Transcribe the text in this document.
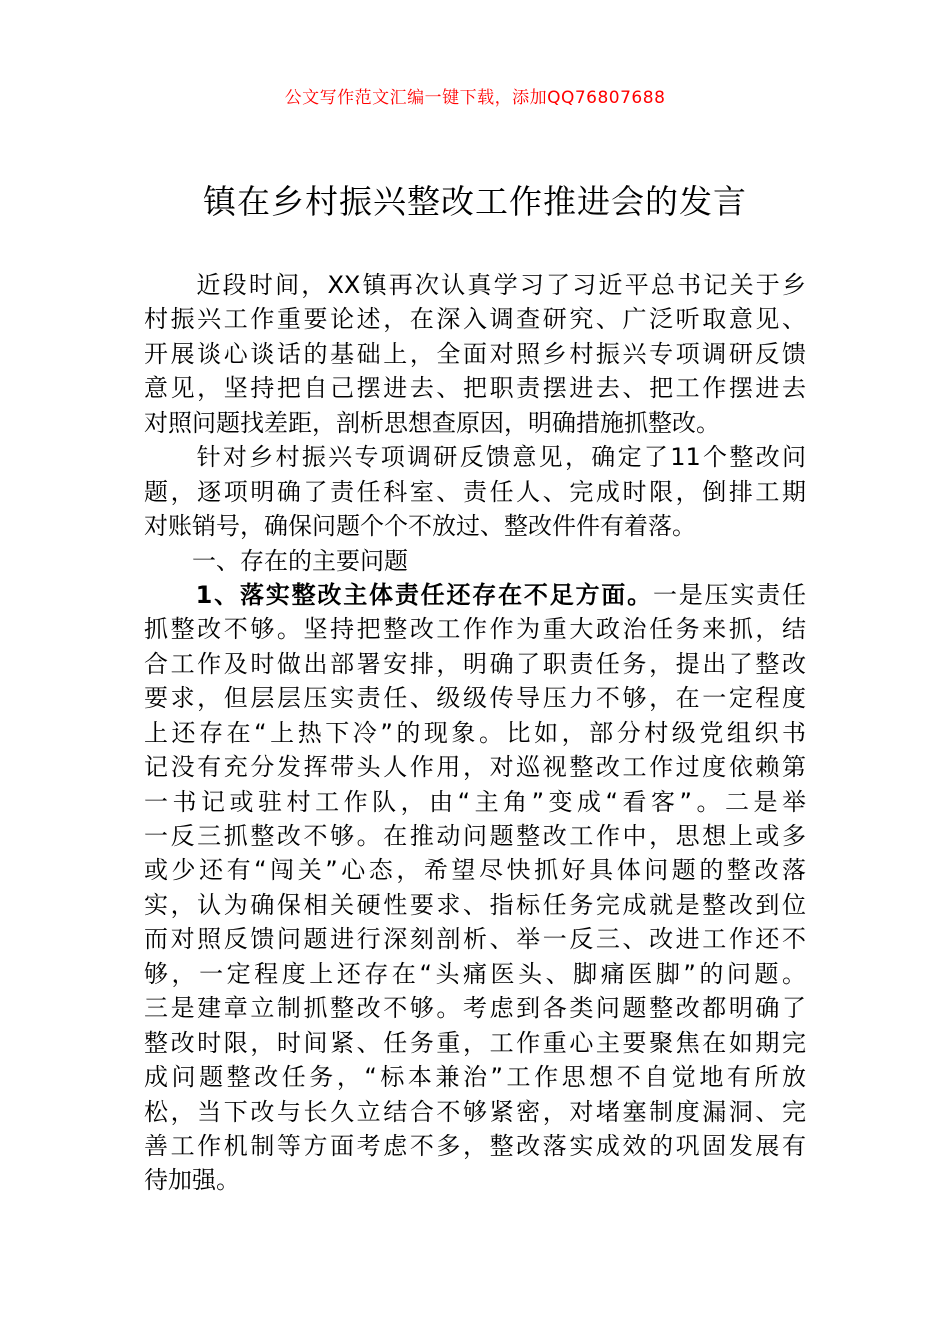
公文写作范文汇编一键下载，添加QQ76807688
镇在乡村振兴整改工作推进会的发言
　　近段时间，XX镇再次认真学习了习近平总书记关于乡
村振兴工作重要论述，在深入调查研究、广泛听取意见、
开展谈心谈话的基础上，全面对照乡村振兴专项调研反馈
意见，坚持把自己摆进去、把职责摆进去、把工作摆进去
对照问题找差距，剖析思想查原因，明确措施抓整改。
　　针对乡村振兴专项调研反馈意见，确定了11个整改问
题，逐项明确了责任科室、责任人、完成时限，倒排工期
对账销号，确保问题个个不放过、整改件件有着落。
　　一、存在的主要问题
　　1、落实整改主体责任还存在不足方面。一是压实责任
抓整改不够。坚持把整改工作作为重大政治任务来抓，结
合工作及时做出部署安排，明确了职责任务，提出了整改
要求，但层层压实责任、级级传导压力不够，在一定程度
上还存在“上热下冷”的现象。比如，部分村级党组织书
记没有充分发挥带头人作用，对巡视整改工作过度依赖第
一书记或驻村工作队，由“主角”变成“看客”。二是举
一反三抓整改不够。在推动问题整改工作中，思想上或多
或少还有“闯关”心态，希望尽快抓好具体问题的整改落
实，认为确保相关硬性要求、指标任务完成就是整改到位
而对照反馈问题进行深刻剖析、举一反三、改进工作还不
够，一定程度上还存在“头痛医头、脚痛医脚”的问题。
三是建章立制抓整改不够。考虑到各类问题整改都明确了
整改时限，时间紧、任务重，工作重心主要聚焦在如期完
成问题整改任务，“标本兼治”工作思想不自觉地有所放
松，当下改与长久立结合不够紧密，对堵塞制度漏洞、完
善工作机制等方面考虑不多，整改落实成效的巩固发展有
待加强。
